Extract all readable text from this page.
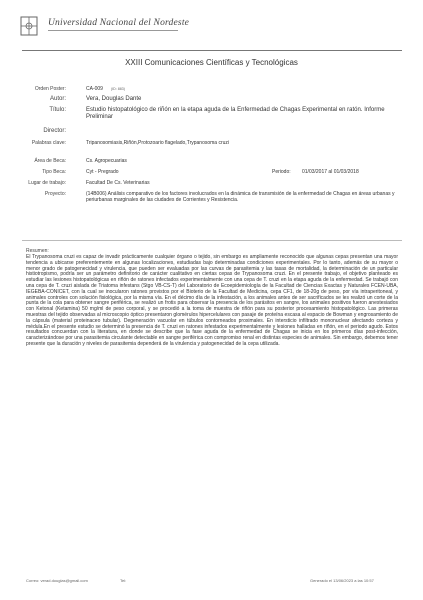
Universidad Nacional del Nordeste
XXIII Comunicaciones Científicas y Tecnológicas
Orden Poster:	CA-009 (ID: 883)
Autor:	Vera, Douglas Dante
Título:	Estudio histopatológico de riñón en la etapa aguda de la Enfermedad de Chagas Experimental en ratón. Informe Preliminar
Director:
Palabras clave:	Tripanosomiasis,Riñón,Protozoario flagelado,Trypanosoma cruzi
Área de Beca:	Cs. Agropecuarias
Tipo Beca:	Cyt - Pregrado	Periodo: 01/03/2017 al 01/03/2018
Lugar de trabajo:	Facultad De Cs. Veterinarias
Proyecto:	(14B006) Análisis comparativo de los factores involucrados en la dinámica de transmisión de la enfermedad de Chagas en áreas urbanas y periurbanas marginales de las ciudades de Corrientes y Resistencia.
Resumen:
El Trypanosoma cruzi es capaz de invadir prácticamente cualquier órgano o tejido, sin embargo es ampliamente reconocido que algunas cepas presentan una mayor tendencia a ubicarse preferentemente en algunas localizaciones, estudiadas bajo determinadas condiciones experimentales. Por lo tanto, además de su mayor o menor grado de patogenecidad y virulencia, que pueden ser evaluadas por las curvas de parasitemia y las tasas de mortalidad, la determinación de un particular histiotropismo, podría ser un parámetro definitorio de carácter cualitativo en ciertas cepas de Trypanosoma cruzi. En el presente trabajo, el objetivo planteado es estudiar las lesiones histopatológicas en riñón de ratones infectados experimentalmente con una cepa de T. cruzi en la etapa aguda de la enfermedad. Se trabajó con una cepa de T. cruzi aislada de Triatoma infestans (Stgo VB-CS-T) del Laboratorio de Ecoepidemiología de la Facultad de Ciencias Exactas y Naturales FCEN-UBA, IEGEBA-CONICET, con la cual se inocularon ratones provistos por el Bioterio de la Facultad de Medicina, cepa CF1, de 18-20g de peso, por vía intraperitoneal, y animales controles con solución fisiológica, por la misma vía. En el décimo día de la infestación, a los animales antes de ser sacrificados se les realizó un corte de la punta de la cola para obtener sangre periférica, se realizó un frotis para observar la presencia de los parásitos en sangre, los animales positivos fueron anestesiados con Ketonal (Ketamina) 50 mg/ml de peso corporal, y se procedió a la toma de muestra de riñón para su posterior procesamiento histopatológico. Las primeras muestras del tejido observadas al microscopio óptico presentaron glomérulos hipercelulares con pasaje de proteína escasa al espacio de Bowman y engrosamiento de la cápsula (material proteinaceo tubular). Degeneración vacuolar en túbulos contorneados proximales. En intersticio infiltrado mononuclear afectando corteza y médula.En el presente estudio se determinó la presencia de T. cruzi en ratones infestados experimentalmente y lesiones halladas en riñón, en el periodo agudo. Estos resultados concuerdan con la literatura, en donde se describe que la fase aguda de la enfermedad de Chagas se inicia en los primeros días post-infección, caracterizándose por una parasitemia circulante detectable en sangre periférica con compromiso renal en distintas especies de animales. Sin embargo, debemos tener presente que la duración y niveles de parasitemia dependerá de la virulencia y patogenecidad de la cepa utilizada.
Correo: verad.douglas@gmail.com	Tel:	Generado el 13/06/2023 a las 10:57
